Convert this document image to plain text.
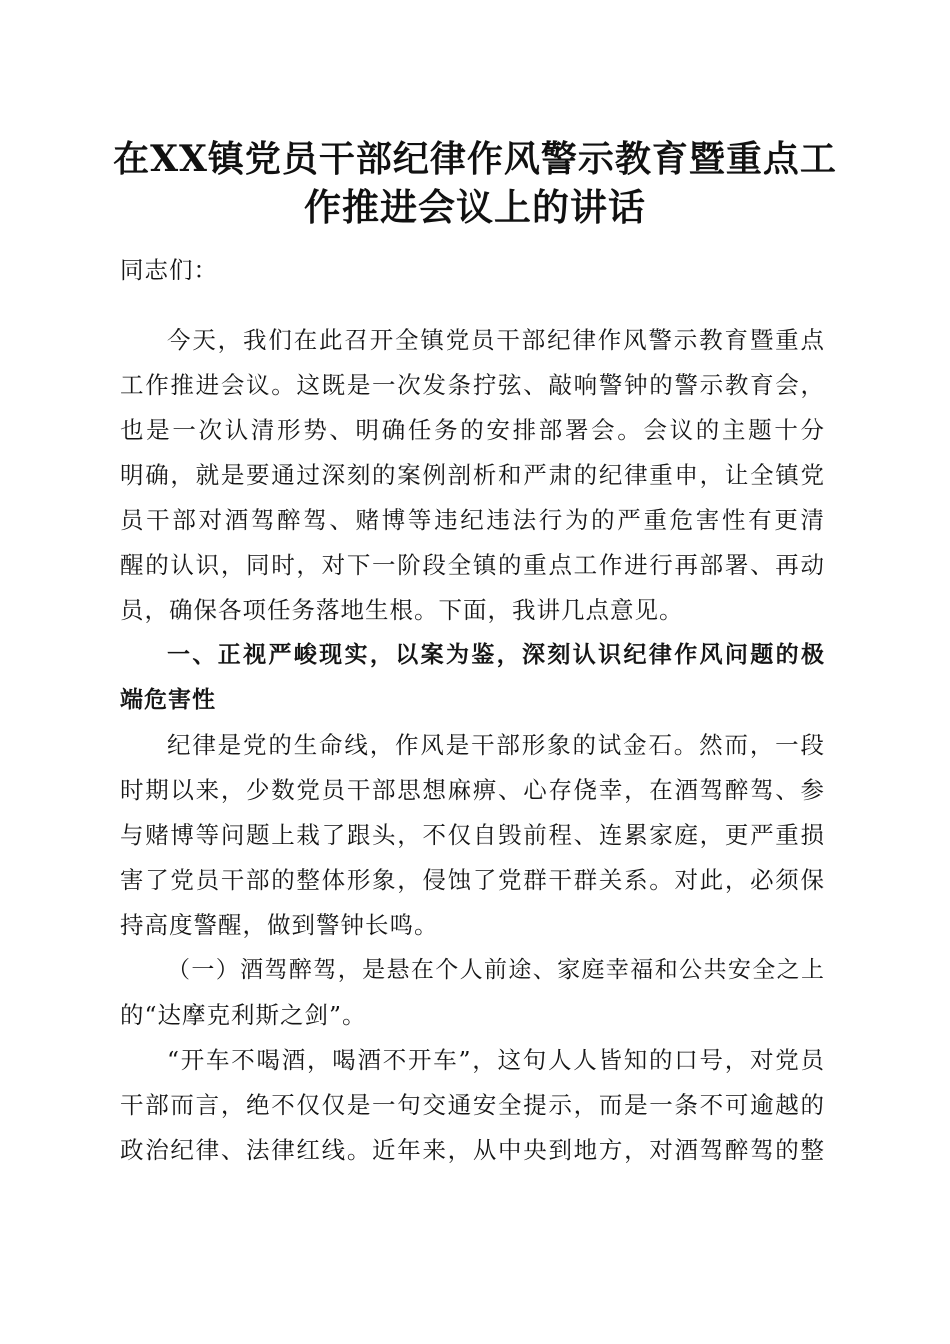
在XX镇党员干部纪律作风警示教育暨重点工
作推进会议上的讲话
同志们：
今天，我们在此召开全镇党员干部纪律作风警示教育暨重点
工作推进会议。这既是一次发条拧弦、敲响警钟的警示教育会，
也是一次认清形势、明确任务的安排部署会。会议的主题十分
明确，就是要通过深刻的案例剖析和严肃的纪律重申，让全镇党
员干部对酒驾醉驾、赌博等违纪违法行为的严重危害性有更清
醒的认识，同时，对下一阶段全镇的重点工作进行再部署、再动
员，确保各项任务落地生根。下面，我讲几点意见。
一、正视严峻现实，以案为鉴，深刻认识纪律作风问题的极
端危害性
纪律是党的生命线，作风是干部形象的试金石。然而，一段
时期以来，少数党员干部思想麻痹、心存侥幸，在酒驾醉驾、参
与赌博等问题上栽了跟头，不仅自毁前程、连累家庭，更严重损
害了党员干部的整体形象，侵蚀了党群干群关系。对此，必须保
持高度警醒，做到警钟长鸣。
（一）酒驾醉驾，是悬在个人前途、家庭幸福和公共安全之上
的“达摩克利斯之剑”。
“开车不喝酒，喝酒不开车”，这句人人皆知的口号，对党员
干部而言，绝不仅仅是一句交通安全提示，而是一条不可逾越的
政治纪律、法律红线。近年来，从中央到地方，对酒驾醉驾的整
